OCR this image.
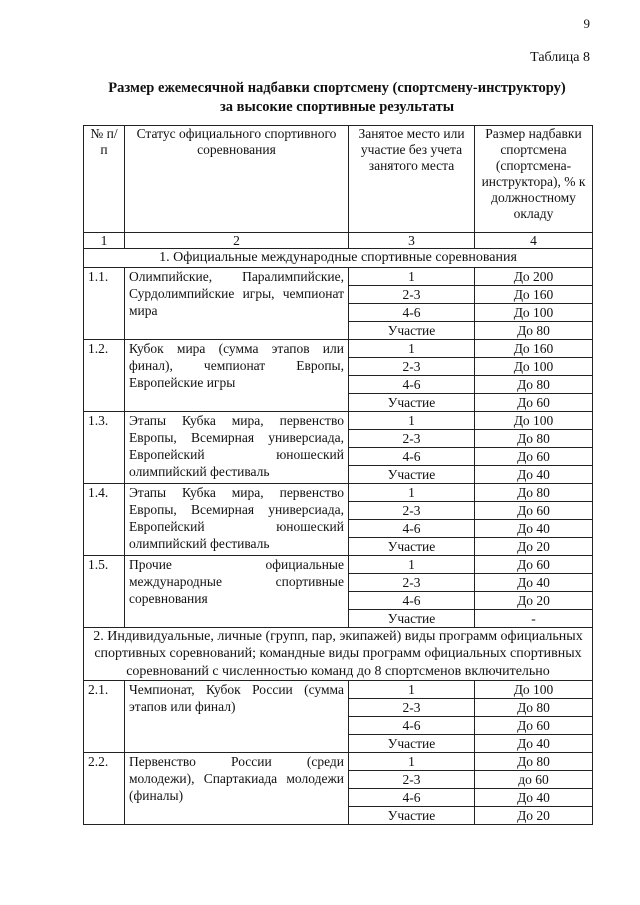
9
Таблица 8
Размер ежемесячной надбавки спортсмену (спортсмену-инструктору)
за высокие спортивные результаты
№ п/п	Статус официального спортивного соревнования	Занятое место или участие без учета занятого места	Размер надбавки спортсмена (спортсмена-инструктора), % к должностному окладу
1	2	3	4
1. Официальные международные спортивные соревнования			
1.1.	Олимпийские, Паралимпийские, Сурдолимпийские игры, чемпионат мира	1	До 200
		2-3	До 160
		4-6	До 100
		Участие	До 80
1.2.	Кубок мира (сумма этапов или финал), чемпионат Европы, Европейские игры	1	До 160
		2-3	До 100
		4-6	До 80
		Участие	До 60
1.3.	Этапы Кубка мира, первенство Европы, Всемирная универсиада, Европейский юношеский олимпийский фестиваль	1	До 100
		2-3	До 80
		4-6	До 60
		Участие	До 40
1.4.	Этапы Кубка мира, первенство Европы, Всемирная универсиада, Европейский юношеский олимпийский фестиваль	1	До 80
		2-3	До 60
		4-6	До 40
		Участие	До 20
1.5.	Прочие официальные международные спортивные соревнования	1	До 60
		2-3	До 40
		4-6	До 20
		Участие	-
2. Индивидуальные, личные (групп, пар, экипажей) виды программ официальных спортивных соревнований; командные виды программ официальных спортивных соревнований с численностью команд до 8 спортсменов включительно			
2.1.	Чемпионат, Кубок России (сумма этапов или финал)	1	До 100
		2-3	До 80
		4-6	До 60
		Участие	До 40
2.2.	Первенство России (среди молодежи), Спартакиада молодежи (финалы)	1	До 80
		2-3	до 60
		4-6	До 40
		Участие	До 20
